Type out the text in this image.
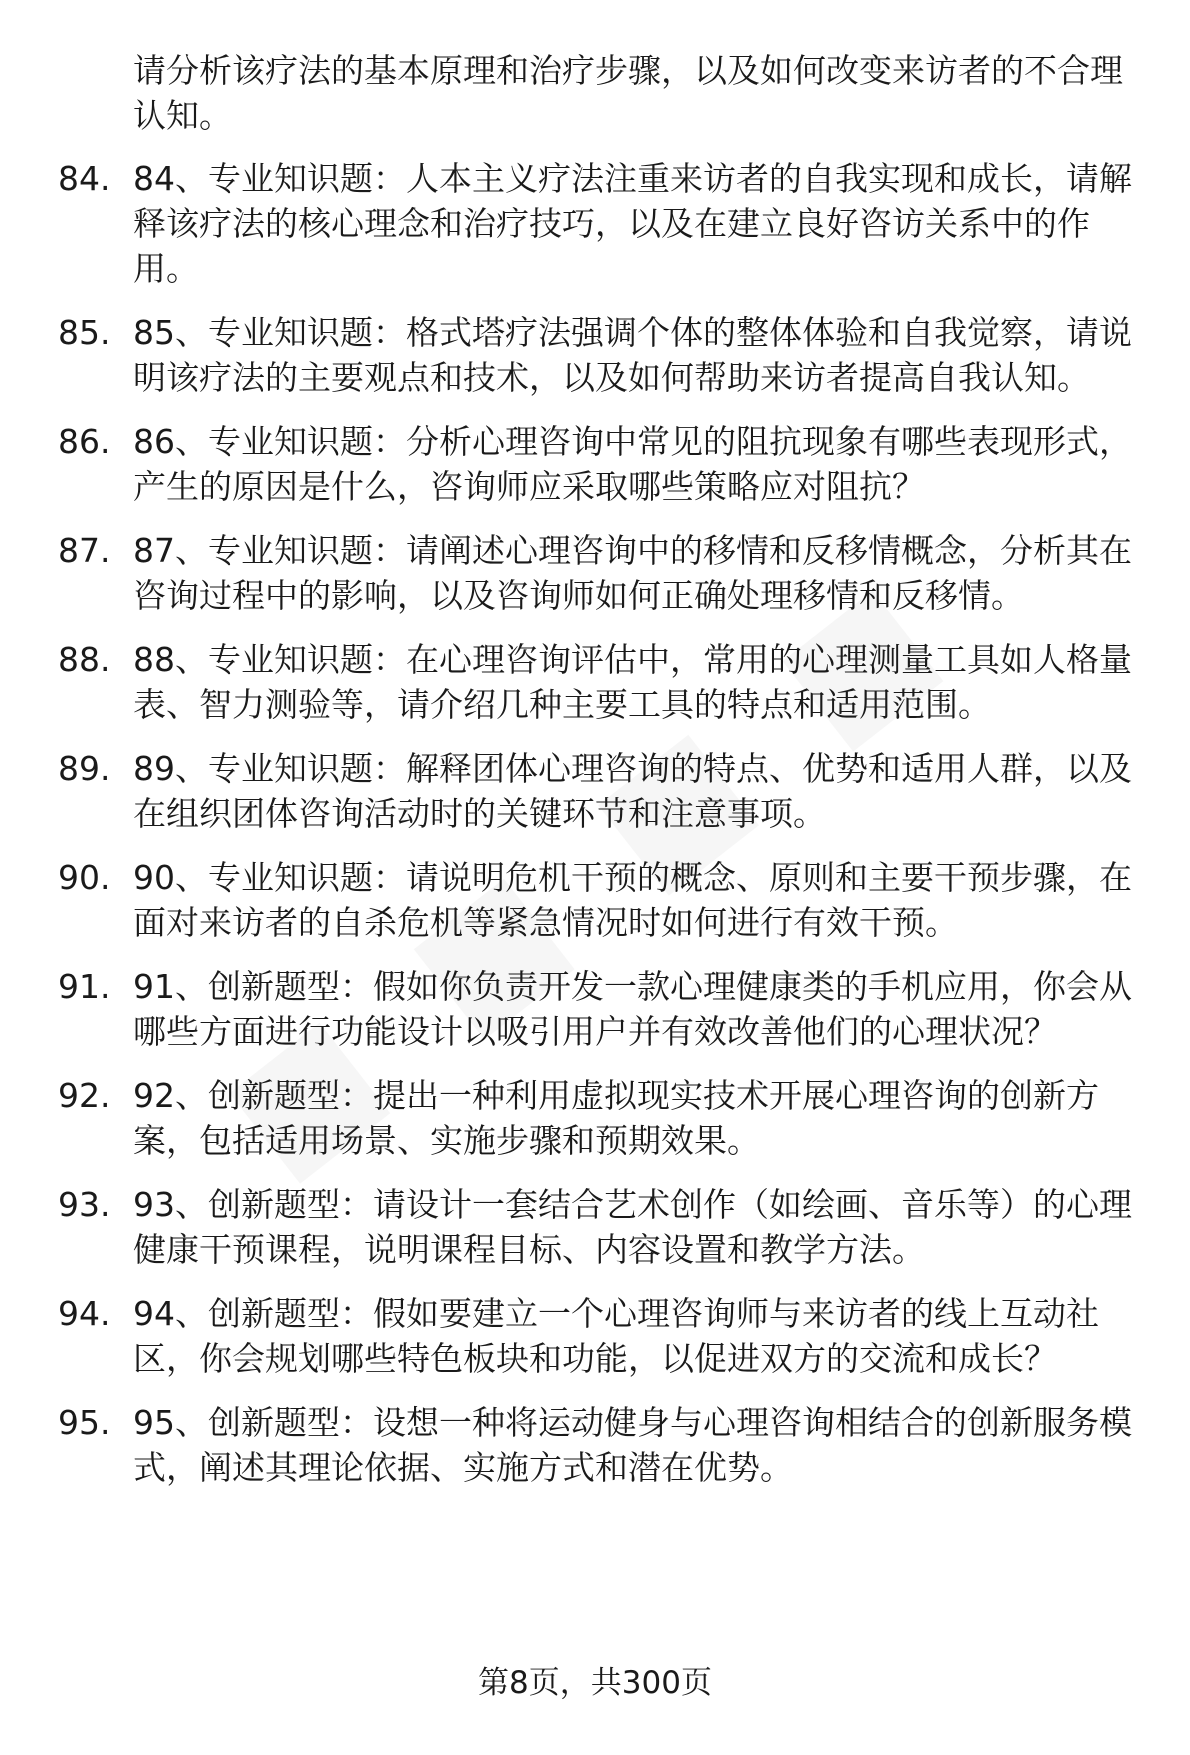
请分析该疗法的基本原理和治疗步骤，以及如何改变来访者的不合理认知。

84. 84、专业知识题：人本主义疗法注重来访者的自我实现和成长，请解释该疗法的核心理念和治疗技巧，以及在建立良好咨访关系中的作用。
85. 85、专业知识题：格式塔疗法强调个体的整体体验和自我觉察，请说明该疗法的主要观点和技术，以及如何帮助来访者提高自我认知。
86. 86、专业知识题：分析心理咨询中常见的阻抗现象有哪些表现形式，产生的原因是什么，咨询师应采取哪些策略应对阻抗？
87. 87、专业知识题：请阐述心理咨询中的移情和反移情概念，分析其在咨询过程中的影响，以及咨询师如何正确处理移情和反移情。
88. 88、专业知识题：在心理咨询评估中，常用的心理测量工具如人格量表、智力测验等，请介绍几种主要工具的特点和适用范围。
89. 89、专业知识题：解释团体心理咨询的特点、优势和适用人群，以及在组织团体咨询活动时的关键环节和注意事项。
90. 90、专业知识题：请说明危机干预的概念、原则和主要干预步骤，在面对来访者的自杀危机等紧急情况时如何进行有效干预。
91. 91、创新题型：假如你负责开发一款心理健康类的手机应用，你会从哪些方面进行功能设计以吸引用户并有效改善他们的心理状况？
92. 92、创新题型：提出一种利用虚拟现实技术开展心理咨询的创新方案，包括适用场景、实施步骤和预期效果。
93. 93、创新题型：请设计一套结合艺术创作（如绘画、音乐等）的心理健康干预课程，说明课程目标、内容设置和教学方法。
94. 94、创新题型：假如要建立一个心理咨询师与来访者的线上互动社区，你会规划哪些特色板块和功能，以促进双方的交流和成长？
95. 95、创新题型：设想一种将运动健身与心理咨询相结合的创新服务模式，阐述其理论依据、实施方式和潜在优势。
第8页，共300页
